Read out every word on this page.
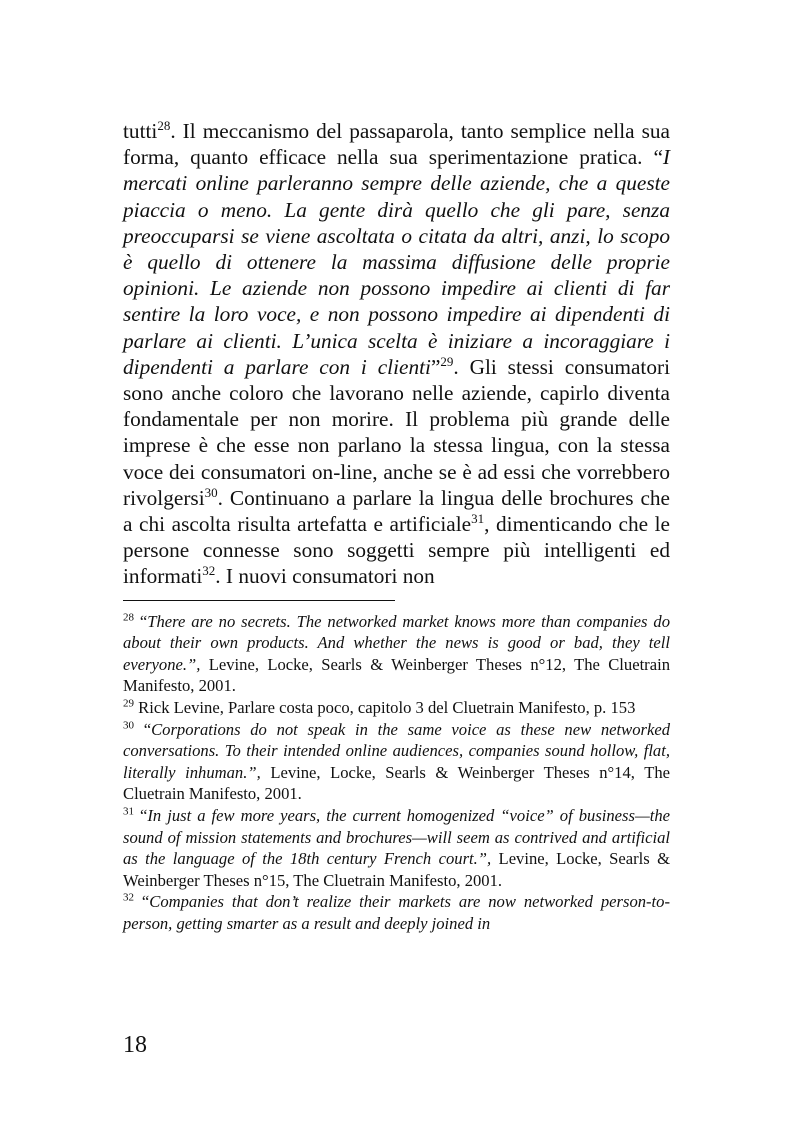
tutti$^{28}$. Il meccanismo del passaparola, tanto semplice nella sua forma, quanto efficace nella sua sperimentazione pratica. “I mercati online parleranno sempre delle aziende, che a queste piaccia o meno. La gente dirà quello che gli pare, senza preoccuparsi se viene ascoltata o citata da altri, anzi, lo scopo è quello di ottenere la massima diffusione delle proprie opinioni. Le aziende non possono impedire ai clienti di far sentire la loro voce, e non possono impedire ai dipendenti di parlare ai clienti. L’unica scelta è iniziare a incoraggiare i dipendenti a parlare con i clienti”$^{29}$. Gli stessi consumatori sono anche coloro che lavorano nelle aziende, capirlo diventa fondamentale per non morire. Il problema più grande delle imprese è che esse non parlano la stessa lingua, con la stessa voce dei consumatori on-line, anche se è ad essi che vorrebbero rivolgersi$^{30}$. Continuano a parlare la lingua delle brochures che a chi ascolta risulta artefatta e artificiale$^{31}$, dimenticando che le persone connesse sono soggetti sempre più intelligenti ed informati$^{32}$. I nuovi consumatori non

$^{28}$ “There are no secrets. The networked market knows more than companies do about their own products. And whether the news is good or bad, they tell everyone.”, Levine, Locke, Searls & Weinberger Theses n°12, The Cluetrain Manifesto, 2001.

$^{29}$ Rick Levine, Parlare costa poco, capitolo 3 del Cluetrain Manifesto, p. 153

$^{30}$ “Corporations do not speak in the same voice as these new networked conversations. To their intended online audiences, companies sound hollow, flat, literally inhuman.”, Levine, Locke, Searls & Weinberger Theses n°14, The Cluetrain Manifesto, 2001.

$^{31}$ “In just a few more years, the current homogenized “voice” of business—the sound of mission statements and brochures—will seem as contrived and artificial as the language of the 18th century French court.”, Levine, Locke, Searls & Weinberger Theses n°15, The Cluetrain Manifesto, 2001.

$^{32}$ “Companies that don’t realize their markets are now networked person-to-person, getting smarter as a result and deeply joined in

18
